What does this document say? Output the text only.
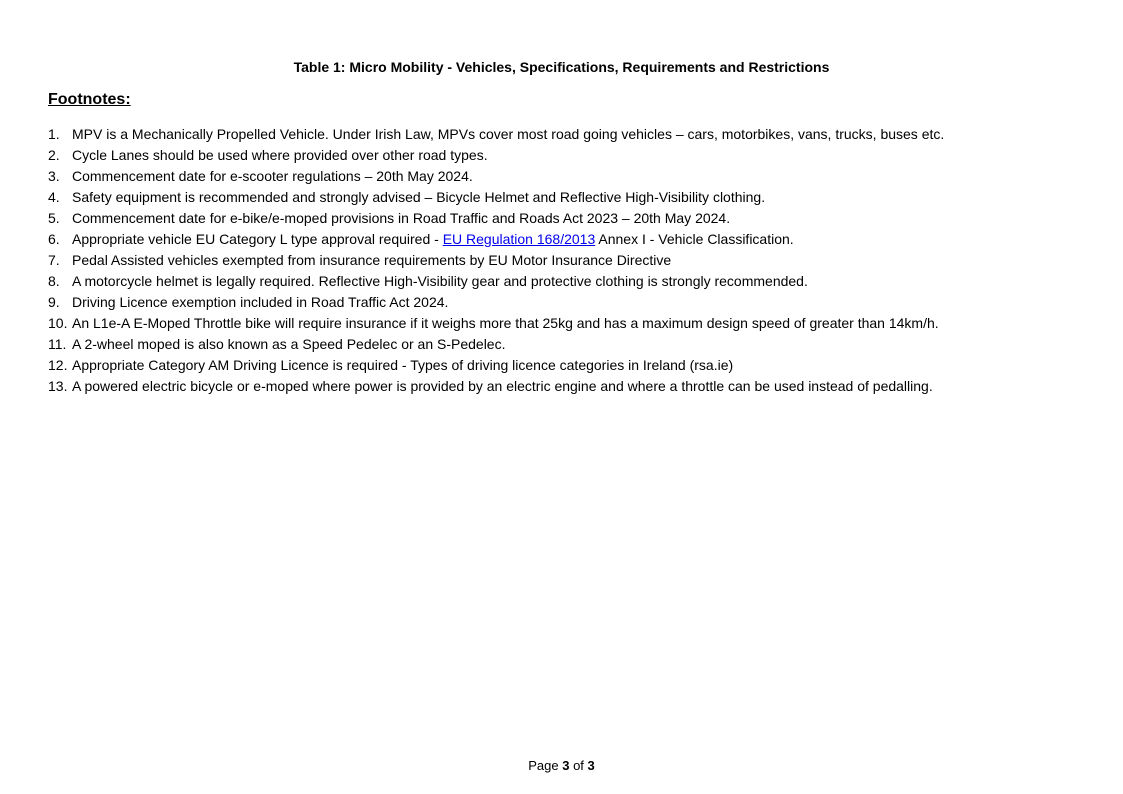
Table 1: Micro Mobility - Vehicles, Specifications, Requirements and Restrictions
Footnotes:
1. MPV is a Mechanically Propelled Vehicle. Under Irish Law, MPVs cover most road going vehicles – cars, motorbikes, vans, trucks, buses etc.
2. Cycle Lanes should be used where provided over other road types.
3. Commencement date for e-scooter regulations – 20th May 2024.
4. Safety equipment is recommended and strongly advised – Bicycle Helmet and Reflective High-Visibility clothing.
5. Commencement date for e-bike/e-moped provisions in Road Traffic and Roads Act 2023 – 20th May 2024.
6. Appropriate vehicle EU Category L type approval required - EU Regulation 168/2013 Annex I - Vehicle Classification.
7. Pedal Assisted vehicles exempted from insurance requirements by EU Motor Insurance Directive
8. A motorcycle helmet is legally required. Reflective High-Visibility gear and protective clothing is strongly recommended.
9. Driving Licence exemption included in Road Traffic Act 2024.
10. An L1e-A E-Moped Throttle bike will require insurance if it weighs more that 25kg and has a maximum design speed of greater than 14km/h.
11. A 2-wheel moped is also known as a Speed Pedelec or an S-Pedelec.
12. Appropriate Category AM Driving Licence is required - Types of driving licence categories in Ireland (rsa.ie)
13. A powered electric bicycle or e-moped where power is provided by an electric engine and where a throttle can be used instead of pedalling.
Page 3 of 3
